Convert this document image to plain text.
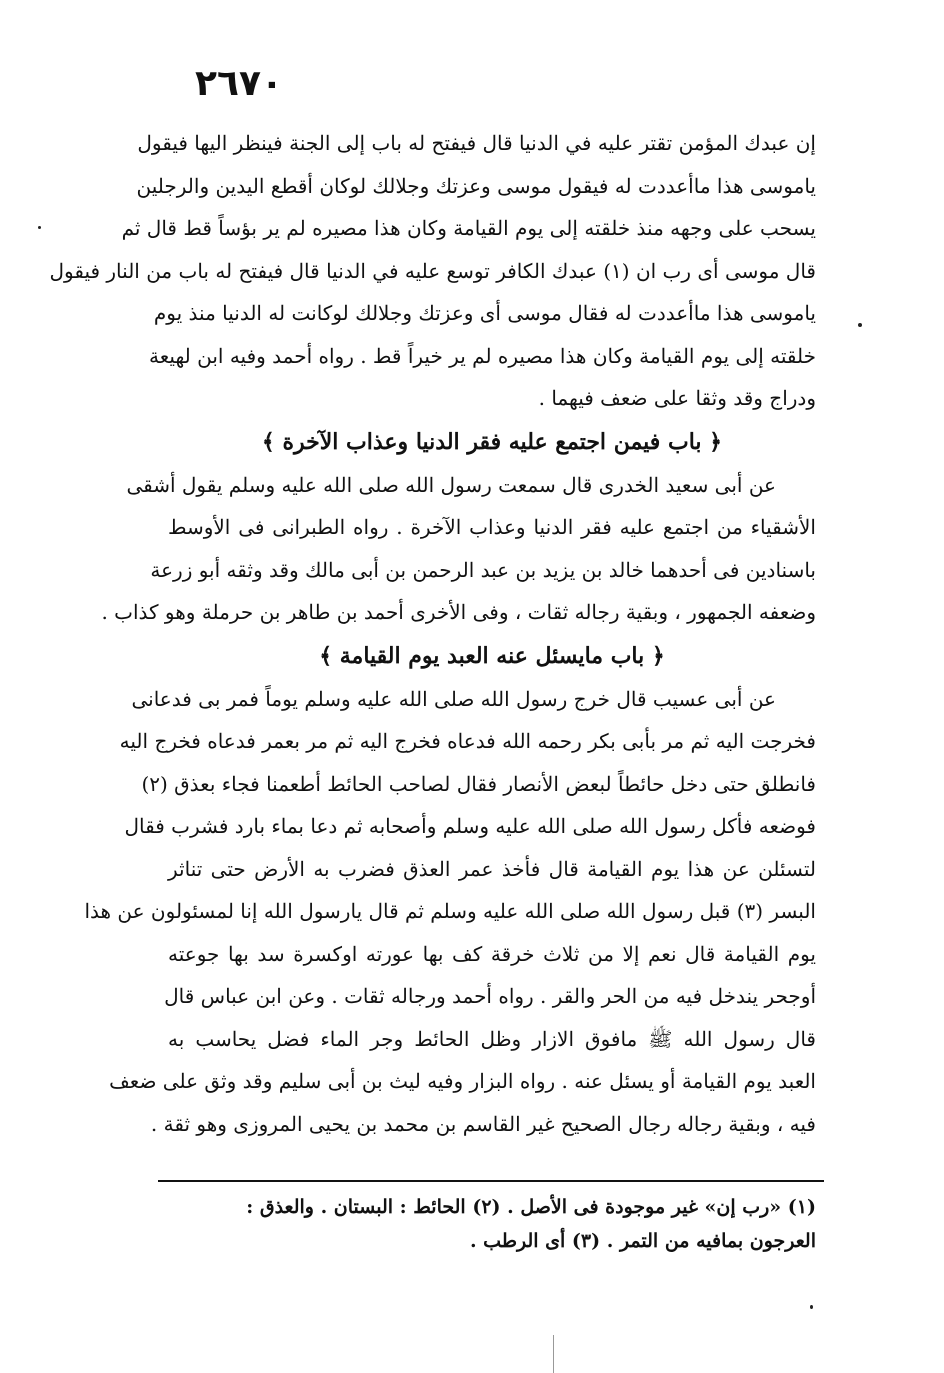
٢٦٧٠
إن عبدك المؤمن تقتر عليه في الدنيا قال فيفتح له باب إلى الجنة فينظر اليها فيقول
ياموسى هذا ماأعددت له فيقول موسى وعزتك وجلالك لوكان أقطع اليدين والرجلين
يسحب على وجهه منذ خلقته إلى يوم القيامة وكان هذا مصيره لم ير بؤساً قط قال ثم
قال موسى أى رب ان (١) عبدك الكافر توسع عليه في الدنيا قال فيفتح له باب من النار فيقول
ياموسى هذا ماأعددت له فقال موسى أى وعزتك وجلالك لوكانت له الدنيا منذ يوم
خلقته إلى يوم القيامة وكان هذا مصيره لم ير خيراً قط . رواه أحمد وفيه ابن لهيعة
ودراج وقد وثقا على ضعف فيهما .
﴿ باب فيمن اجتمع عليه فقر الدنيا وعذاب الآخرة ﴾
عن أبى سعيد الخدرى قال سمعت رسول الله صلى الله عليه وسلم يقول أشقى
الأشقياء من اجتمع عليه فقر الدنيا وعذاب الآخرة . رواه الطبرانى فى الأوسط
باسنادين فى أحدهما خالد بن يزيد بن عبد الرحمن بن أبى مالك وقد وثقه أبو زرعة
وضعفه الجمهور ، وبقية رجاله ثقات ، وفى الأخرى أحمد بن طاهر بن حرملة وهو كذاب .
﴿ باب مايسئل عنه العبد يوم القيامة ﴾
عن أبى عسيب قال خرج رسول الله صلى الله عليه وسلم يوماً فمر بى فدعانى
فخرجت اليه ثم مر بأبى بكر رحمه الله فدعاه فخرج اليه ثم مر بعمر فدعاه فخرج اليه
فانطلق حتى دخل حائطاً لبعض الأنصار فقال لصاحب الحائط أطعمنا فجاء بعذق (٢)
فوضعه فأكل رسول الله صلى الله عليه وسلم وأصحابه ثم دعا بماء بارد فشرب فقال
لتسئلن عن هذا يوم القيامة قال فأخذ عمر العذق فضرب به الأرض حتى تناثر
البسر (٣) قبل رسول الله صلى الله عليه وسلم ثم قال يارسول الله إنا لمسئولون عن هذا
يوم القيامة قال نعم إلا من ثلاث خرقة كف بها عورته اوكسرة سد بها جوعته
أوجحر يندخل فيه من الحر والقر . رواه أحمد ورجاله ثقات . وعن ابن عباس قال
قال رسول الله ﷺ مافوق الازار وظل الحائط وجر الماء فضل يحاسب به
العبد يوم القيامة أو يسئل عنه . رواه البزار وفيه ليث بن أبى سليم وقد وثق على ضعف
فيه ، وبقية رجاله رجال الصحيح غير القاسم بن محمد بن يحيى المروزى وهو ثقة .
(١) «رب إن» غير موجودة فى الأصل . (٢) الحائط : البستان . والعذق :
العرجون بمافيه من التمر . (٣) أى الرطب .
